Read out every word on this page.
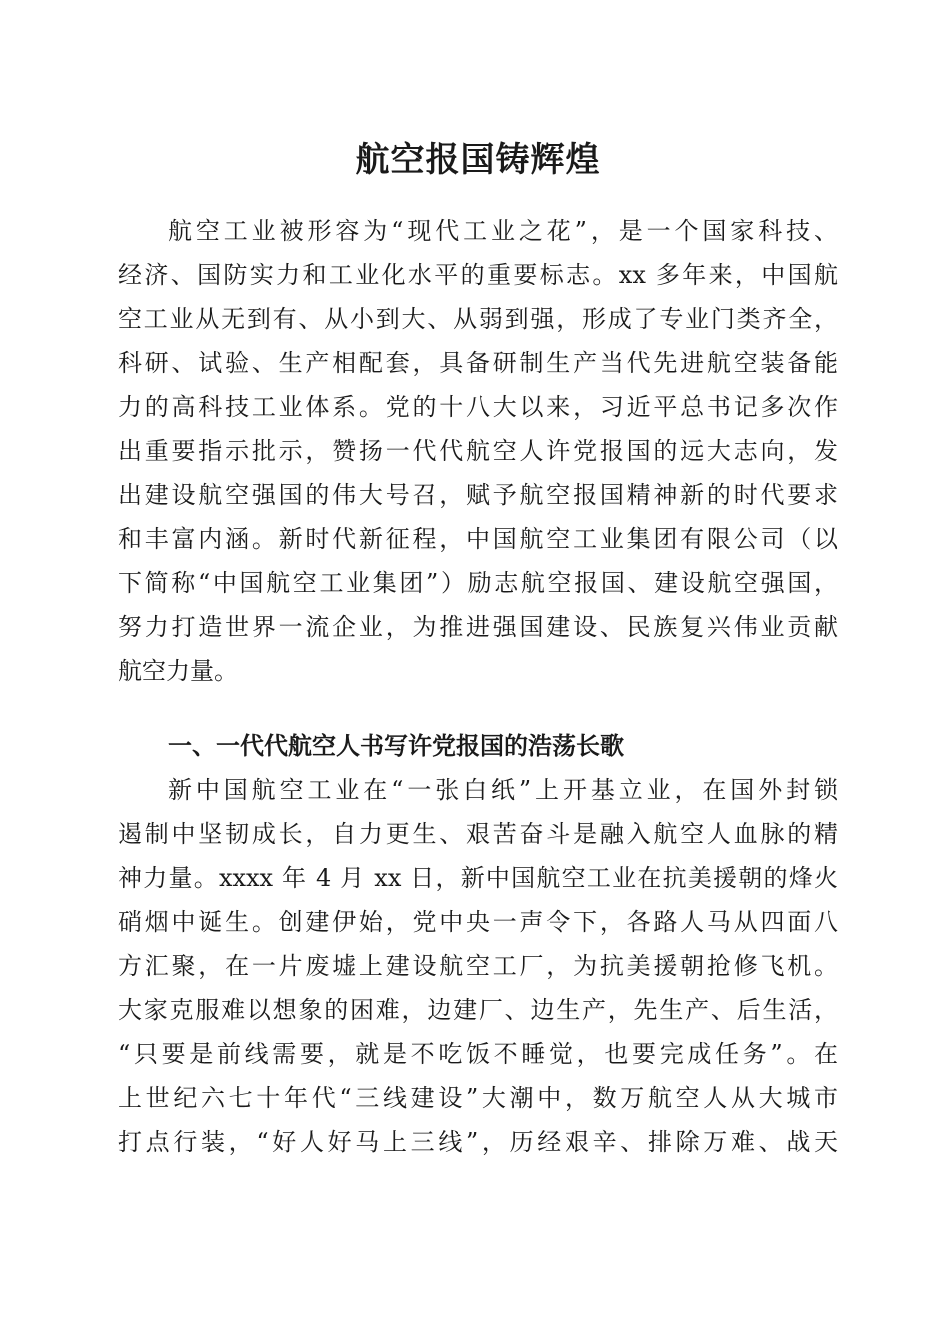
航空报国铸辉煌
航空工业被形容为“现代工业之花”，是一个国家科技、
经济、国防实力和工业化水平的重要标志。xx 多年来，中国航
空工业从无到有、从小到大、从弱到强，形成了专业门类齐全，
科研、试验、生产相配套，具备研制生产当代先进航空装备能
力的高科技工业体系。党的十八大以来，习近平总书记多次作
出重要指示批示，赞扬一代代航空人许党报国的远大志向，发
出建设航空强国的伟大号召，赋予航空报国精神新的时代要求
和丰富内涵。新时代新征程，中国航空工业集团有限公司（以
下简称“中国航空工业集团”）励志航空报国、建设航空强国，
努力打造世界一流企业，为推进强国建设、民族复兴伟业贡献
航空力量。
一、一代代航空人书写许党报国的浩荡长歌
新中国航空工业在“一张白纸”上开基立业，在国外封锁
遏制中坚韧成长，自力更生、艰苦奋斗是融入航空人血脉的精
神力量。xxxx 年 4 月 xx 日，新中国航空工业在抗美援朝的烽火
硝烟中诞生。创建伊始，党中央一声令下，各路人马从四面八
方汇聚，在一片废墟上建设航空工厂，为抗美援朝抢修飞机。
大家克服难以想象的困难，边建厂、边生产，先生产、后生活，
“只要是前线需要，就是不吃饭不睡觉，也要完成任务”。在
上世纪六七十年代“三线建设”大潮中，数万航空人从大城市
打点行装，“好人好马上三线”，历经艰辛、排除万难、战天
